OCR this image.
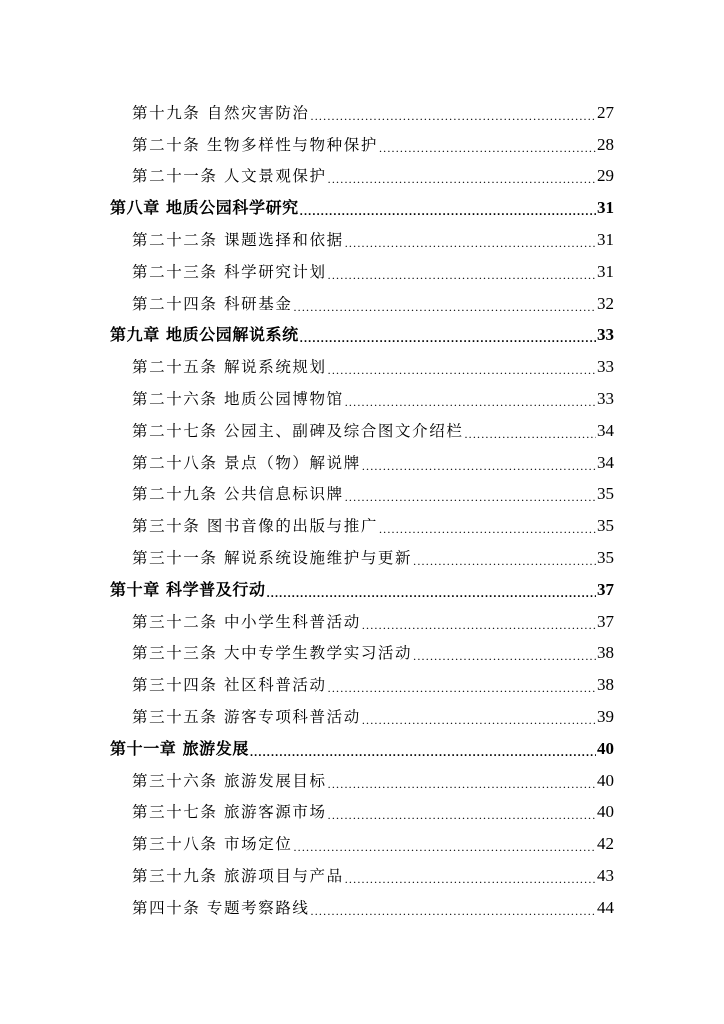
第十九条 自然灾害防治 .....	27
第二十条 生物多样性与物种保护 .....	28
第二十一条 人文景观保护 .....	29
第八章 地质公园科学研究 .....	31
第二十二条 课题选择和依据 .....	31
第二十三条 科学研究计划 .....	31
第二十四条 科研基金 .....	32
第九章 地质公园解说系统 .....	33
第二十五条 解说系统规划 .....	33
第二十六条 地质公园博物馆 .....	33
第二十七条 公园主、副碑及综合图文介绍栏 .....	34
第二十八条 景点（物）解说牌 .....	34
第二十九条 公共信息标识牌 .....	35
第三十条 图书音像的出版与推广 .....	35
第三十一条 解说系统设施维护与更新 .....	35
第十章 科学普及行动 .....	37
第三十二条 中小学生科普活动 .....	37
第三十三条 大中专学生教学实习活动 .....	38
第三十四条 社区科普活动 .....	38
第三十五条 游客专项科普活动 .....	39
第十一章 旅游发展 .....	40
第三十六条 旅游发展目标 .....	40
第三十七条 旅游客源市场 .....	40
第三十八条 市场定位 .....	42
第三十九条 旅游项目与产品 .....	43
第四十条 专题考察路线 .....	44
